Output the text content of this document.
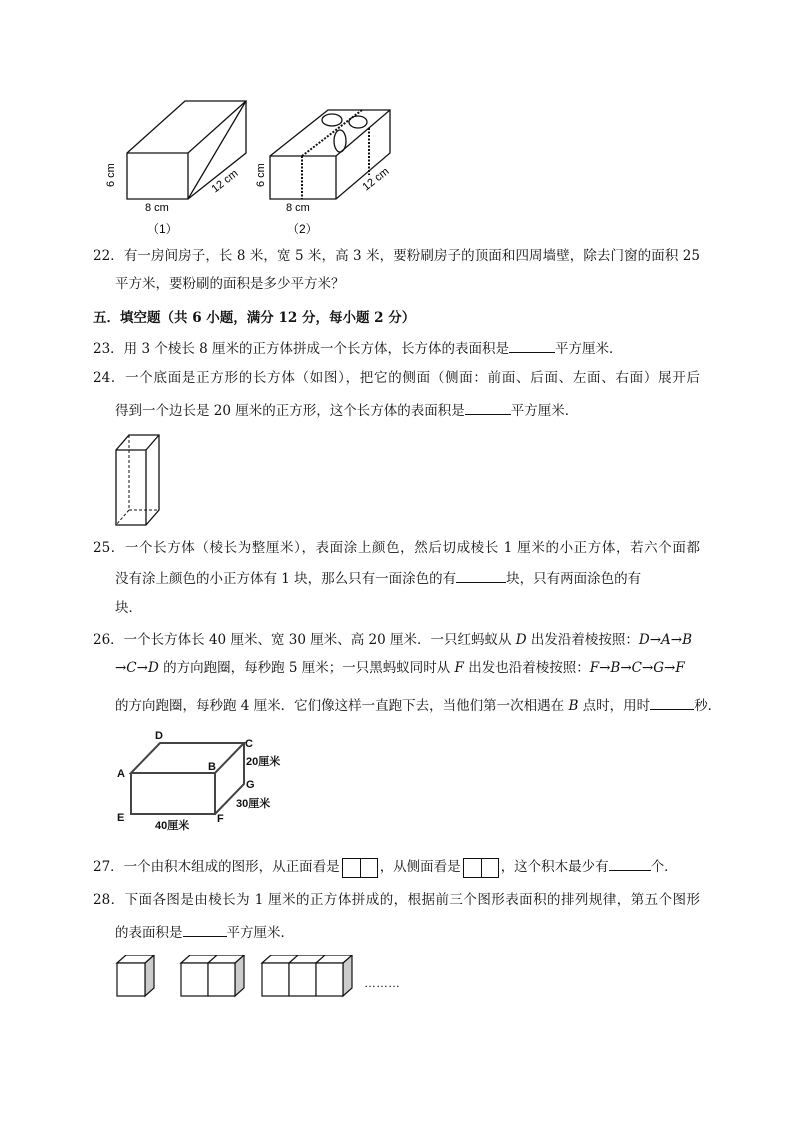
6 cm
8 cm
12 cm
（1）
6 cm
8 cm
12 cm
（2）
22．有一房间房子，长 8 米，宽 5 米，高 3 米，要粉刷房子的顶面和四周墙壁，除去门窗的面积 25
平方米，要粉刷的面积是多少平方米？
五．填空题（共 6 小题，满分 12 分，每小题 2 分）
23．用 3 个棱长 8 厘米的正方体拼成一个长方体，长方体的表面积是	平方厘米．
24．一个底面是正方形的长方体（如图），把它的侧面（侧面：前面、后面、左面、右面）展开后
得到一个边长是 20 厘米的正方形，这个长方体的表面积是	平方厘米．
25．一个长方体（棱长为整厘米），表面涂上颜色，然后切成棱长 1 厘米的小正方体，若六个面都
没有涂上颜色的小正方体有 1 块，那么只有一面涂色的有	块，只有两面涂色的有
块．
26．一个长方体长 40 厘米、宽 30 厘米、高 20 厘米．一只红蚂蚁从 D 出发沿着棱按照：D→A→B
→C→D 的方向跑圈，每秒跑 5 厘米；一只黑蚂蚁同时从 F 出发也沿着棱按照：F→B→C→G→F
的方向跑圈，每秒跑 4 厘米．它们像这样一直跑下去，当他们第一次相遇在 B 点时，用时	秒．
D
C
A
B
G
E	F
20厘米
30厘米
40厘米
27．一个由积木组成的图形，从正面看是	，从侧面看是	，这个积木最少有	个．
28．下面各图是由棱长为 1 厘米的正方体拼成的，根据前三个图形表面积的排列规律，第五个图形
的表面积是	平方厘米．
………
